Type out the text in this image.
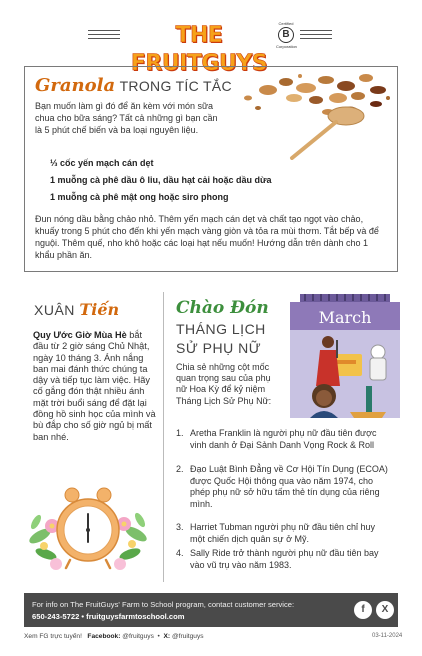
THE FRUITGUYS
Certified
B
Corporation
Granola TRONG TÍC TẮC
Bạn muốn làm gì đó để ăn kèm với món sữa chua cho bữa sáng? Tất cả những gì bạn cần là 5 phút chế biến và ba loại nguyên liệu.
⅓ cốc yến mạch cán dẹt
1 muỗng cà phê dầu ô liu, dầu hạt cải hoặc dầu dừa
1 muỗng cà phê mật ong hoặc siro phong
Đun nóng dầu bằng chảo nhỏ. Thêm yến mạch cán dẹt và chất tạo ngọt vào chảo, khuấy trong 5 phút cho đến khi yến mạch vàng giòn và tỏa ra mùi thơm. Tắt bếp và để nguội. Thêm quế, nho khô hoặc các loại hạt nếu muốn! Hướng dẫn trên dành cho 1 khẩu phần ăn.
XUÂN Tiến
Quy Ước Giờ Mùa Hè bắt đầu từ 2 giờ sáng Chủ Nhật, ngày 10 tháng 3. Ánh nắng ban mai đánh thức chúng ta dậy và tiếp tục làm việc. Hãy cố gắng đón thật nhiều ánh mặt trời buổi sáng để đặt lại đồng hồ sinh học của mình và bù đắp cho số giờ ngủ bị mất ban nhé.
Chào Đón
THÁNG LỊCH
SỬ PHỤ NỮ
Chia sẻ những cột mốc quan trọng sau của phụ nữ Hoa Kỳ để kỷ niệm Tháng Lịch Sử Phụ Nữ:
March
1. Aretha Franklin là người phụ nữ đầu tiên được vinh danh ở Đại Sảnh Danh Vọng Rock & Roll
2. Đạo Luật Bình Đẳng về Cơ Hội Tín Dụng (ECOA) được Quốc Hội thông qua vào năm 1974, cho phép phụ nữ sở hữu tấm thẻ tín dụng của riêng mình.
3. Harriet Tubman người phụ nữ đầu tiên chỉ huy một chiến dịch quân sự ở Mỹ.
4. Sally Ride trở thành người phụ nữ đầu tiên bay vào vũ trụ vào năm 1983.
For info on The FruitGuys' Farm to School program, contact customer service:
650-243-5722 • fruitguysfarmtoschool.com
f	X
Xem FG trực tuyến! Facebook: @fruitguys  •  X: @fruitguys	03-11-2024
